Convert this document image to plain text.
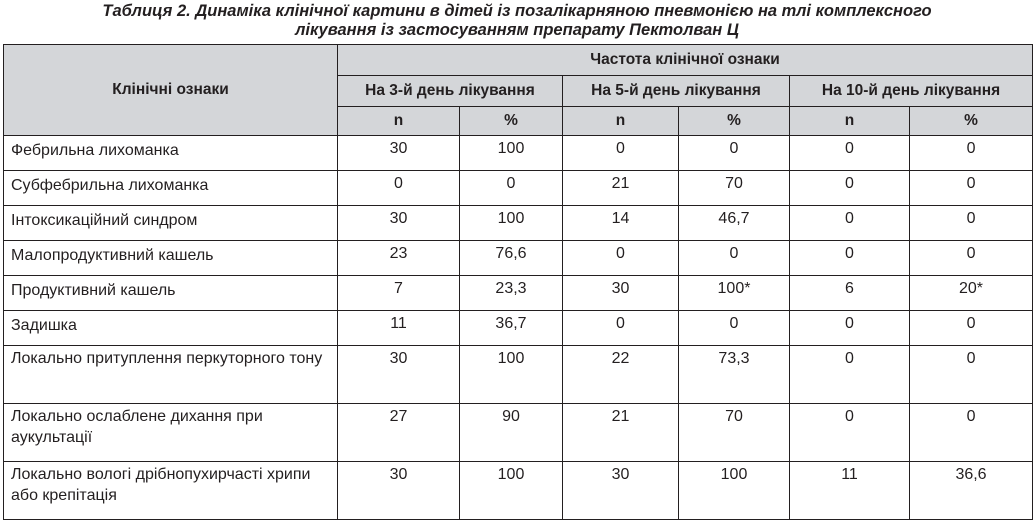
Таблиця 2. Динаміка клінічної картини в дітей із позалікарняною пневмонією на тлі комплексного
лікування із застосуванням препарату Пектолван Ц
Клінічні ознаки	Частота клінічної ознаки					
	На 3-й день лікування		На 5-й день лікування		На 10-й день лікування	
	n	%	n	%	n	%
Фебрильна лихоманка	30	100	0	0	0	0
Субфебрильна лихоманка	0	0	21	70	0	0
Інтоксикаційний синдром	30	100	14	46,7	0	0
Малопродуктивний кашель	23	76,6	0	0	0	0
Продуктивний кашель	7	23,3	30	100*	6	20*
Задишка	11	36,7	0	0	0	0
Локально притуплення перкуторного тону	30	100	22	73,3	0	0
Локально ослаблене дихання при аукультації	27	90	21	70	0	0
Локально вологі дрібнопухирчасті хрипи або крепітація	30	100	30	100	11	36,6
